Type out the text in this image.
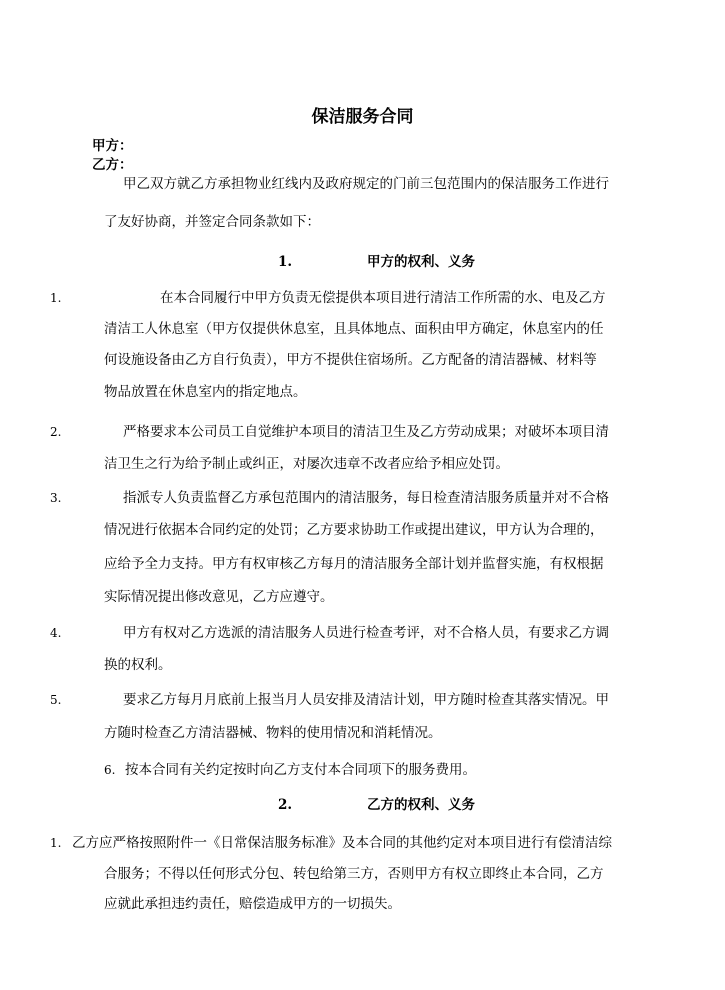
保洁服务合同
甲方：
乙方：
甲乙双方就乙方承担物业红线内及政府规定的门前三包范围内的保洁服务工作进行
了友好协商，并签定合同条款如下：
1.	甲方的权利、义务
1.	在本合同履行中甲方负责无偿提供本项目进行清洁工作所需的水、电及乙方
清洁工人休息室（甲方仅提供休息室，且具体地点、面积由甲方确定，休息室内的任
何设施设备由乙方自行负责），甲方不提供住宿场所。乙方配备的清洁器械、材料等
物品放置在休息室内的指定地点。
2.	严格要求本公司员工自觉维护本项目的清洁卫生及乙方劳动成果；对破坏本项目清
洁卫生之行为给予制止或纠正，对屡次违章不改者应给予相应处罚。
3.	指派专人负责监督乙方承包范围内的清洁服务，每日检查清洁服务质量并对不合格
情况进行依据本合同约定的处罚；乙方要求协助工作或提出建议，甲方认为合理的，
应给予全力支持。甲方有权审核乙方每月的清洁服务全部计划并监督实施，有权根据
实际情况提出修改意见，乙方应遵守。
4.	甲方有权对乙方选派的清洁服务人员进行检查考评，对不合格人员，有要求乙方调
换的权利。
5.	要求乙方每月月底前上报当月人员安排及清洁计划，甲方随时检查其落实情况。甲
方随时检查乙方清洁器械、物料的使用情况和消耗情况。
6. 按本合同有关约定按时向乙方支付本合同项下的服务费用。
2.	乙方的权利、义务
1. 乙方应严格按照附件一《日常保洁服务标准》及本合同的其他约定对本项目进行有偿清洁综
合服务；不得以任何形式分包、转包给第三方，否则甲方有权立即终止本合同，乙方
应就此承担违约责任，赔偿造成甲方的一切损失。
